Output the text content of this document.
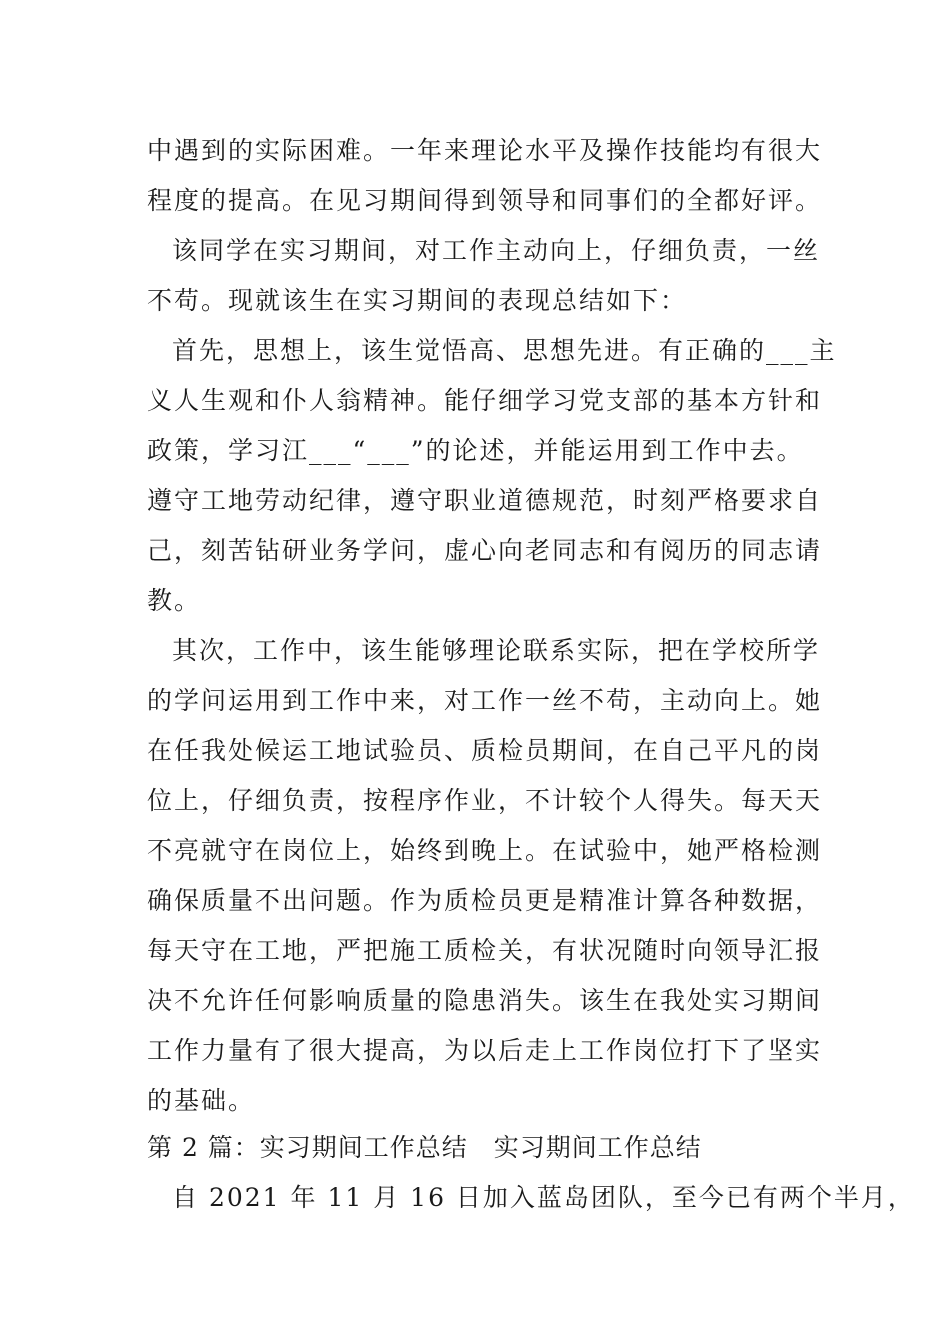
中遇到的实际困难。一年来理论水平及操作技能均有很大
程度的提高。在见习期间得到领导和同事们的全都好评。
该同学在实习期间，对工作主动向上，仔细负责，一丝
不苟。现就该生在实习期间的表现总结如下：
首先，思想上，该生觉悟高、思想先进。有正确的___主
义人生观和仆人翁精神。能仔细学习党支部的基本方针和
政策，学习江___“___”的论述，并能运用到工作中去。
遵守工地劳动纪律，遵守职业道德规范，时刻严格要求自
己，刻苦钻研业务学问，虚心向老同志和有阅历的同志请
教。
其次，工作中，该生能够理论联系实际，把在学校所学
的学问运用到工作中来，对工作一丝不苟，主动向上。她
在任我处候运工地试验员、质检员期间，在自己平凡的岗
位上，仔细负责，按程序作业，不计较个人得失。每天天
不亮就守在岗位上，始终到晚上。在试验中，她严格检测
确保质量不出问题。作为质检员更是精准计算各种数据，
每天守在工地，严把施工质检关，有状况随时向领导汇报
决不允许任何影响质量的隐患消失。该生在我处实习期间
工作力量有了很大提高，为以后走上工作岗位打下了坚实
的基础。
第 2 篇：实习期间工作总结　实习期间工作总结
自 2021 年 11 月 16 日加入蓝岛团队，至今已有两个半月，
